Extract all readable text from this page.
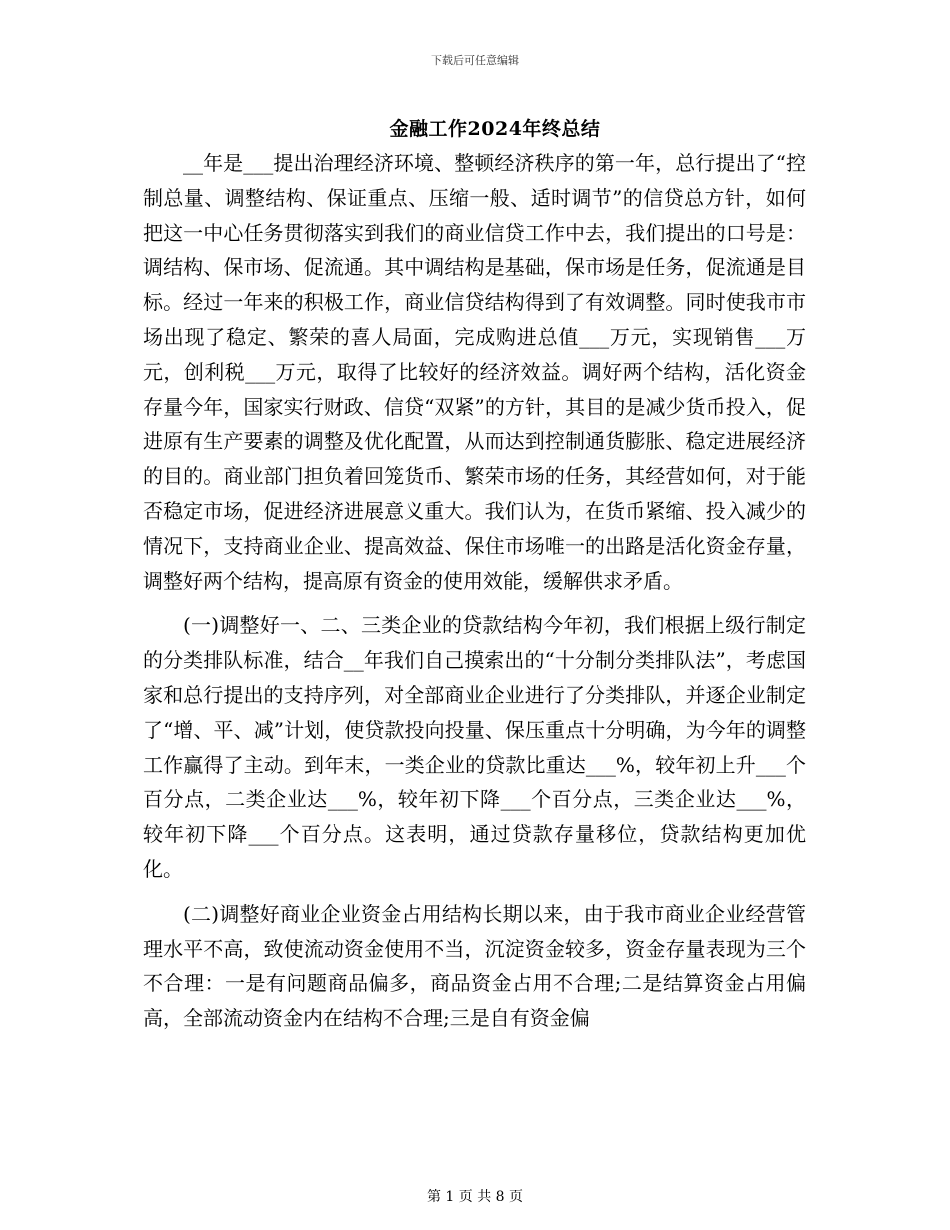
下载后可任意编辑
金融工作2024年终总结

__年是___提出治理经济环境、整顿经济秩序的第一年，总行提出了“控制总量、调整结构、保证重点、压缩一般、适时调节”的信贷总方针，如何把这一中心任务贯彻落实到我们的商业信贷工作中去，我们提出的口号是：调结构、保市场、促流通。其中调结构是基础，保市场是任务，促流通是目标。经过一年来的积极工作，商业信贷结构得到了有效调整。同时使我市市场出现了稳定、繁荣的喜人局面，完成购进总值___万元，实现销售___万元，创利税___万元，取得了比较好的经济效益。调好两个结构，活化资金存量今年，国家实行财政、信贷“双紧”的方针，其目的是减少货币投入，促进原有生产要素的调整及优化配置，从而达到控制通货膨胀、稳定进展经济的目的。商业部门担负着回笼货币、繁荣市场的任务，其经营如何，对于能否稳定市场，促进经济进展意义重大。我们认为，在货币紧缩、投入减少的情况下，支持商业企业、提高效益、保住市场唯一的出路是活化资金存量，调整好两个结构，提高原有资金的使用效能，缓解供求矛盾。

(一)调整好一、二、三类企业的贷款结构今年初，我们根据上级行制定的分类排队标准，结合__年我们自己摸索出的“十分制分类排队法”，考虑国家和总行提出的支持序列，对全部商业企业进行了分类排队，并逐企业制定了“增、平、减”计划，使贷款投向投量、保压重点十分明确，为今年的调整工作赢得了主动。到年末，一类企业的贷款比重达___%，较年初上升___个百分点，二类企业达___%，较年初下降___个百分点，三类企业达___%，较年初下降___个百分点。这表明，通过贷款存量移位，贷款结构更加优化。

(二)调整好商业企业资金占用结构长期以来，由于我市商业企业经营管理水平不高，致使流动资金使用不当，沉淀资金较多，资金存量表现为三个不合理：一是有问题商品偏多，商品资金占用不合理;二是结算资金占用偏高，全部流动资金内在结构不合理;三是自有资金偏

第 1 页 共 8 页
